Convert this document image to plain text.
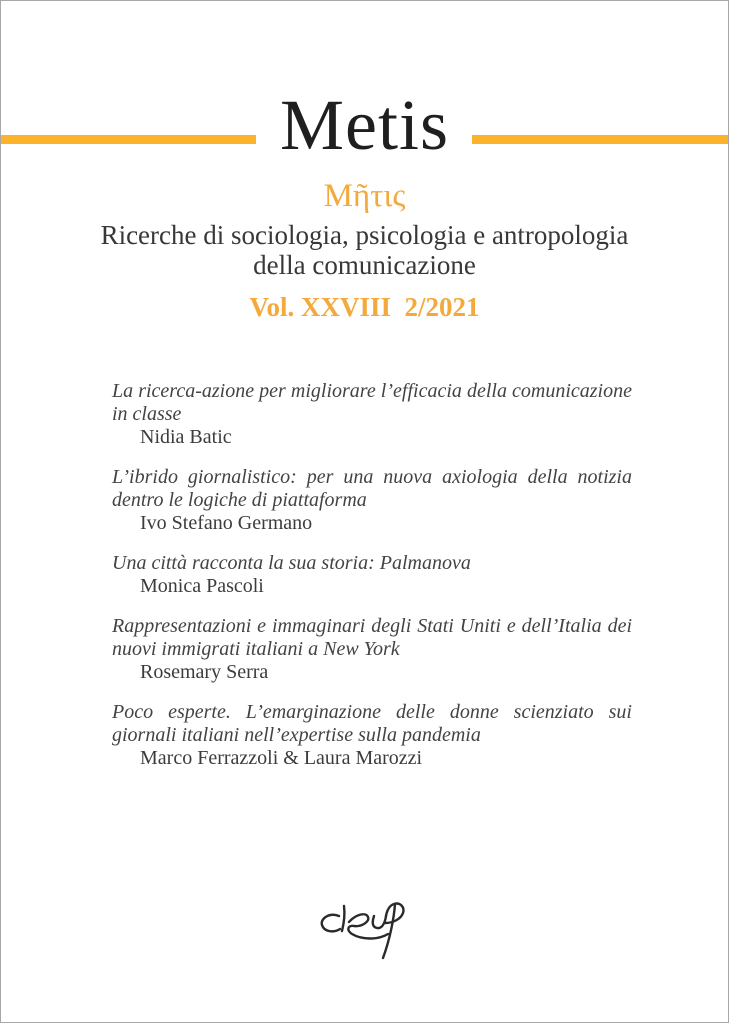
Metis
Μῆτις
Ricerche di sociologia, psicologia e antropologia
della comunicazione
Vol. XXVIII  2/2021
La ricerca-azione per migliorare l’efficacia della comunicazione in classe
Nidia Batic
L’ibrido giornalistico: per una nuova axiologia della notizia dentro le logiche di piattaforma
Ivo Stefano Germano
Una città racconta la sua storia: Palmanova
Monica Pascoli
Rappresentazioni e immaginari degli Stati Uniti e dell’Italia dei nuovi immigrati italiani a New York
Rosemary Serra
Poco esperte. L’emarginazione delle donne scienziato sui giornali italiani nell’expertise sulla pandemia
Marco Ferrazzoli & Laura Marozzi
